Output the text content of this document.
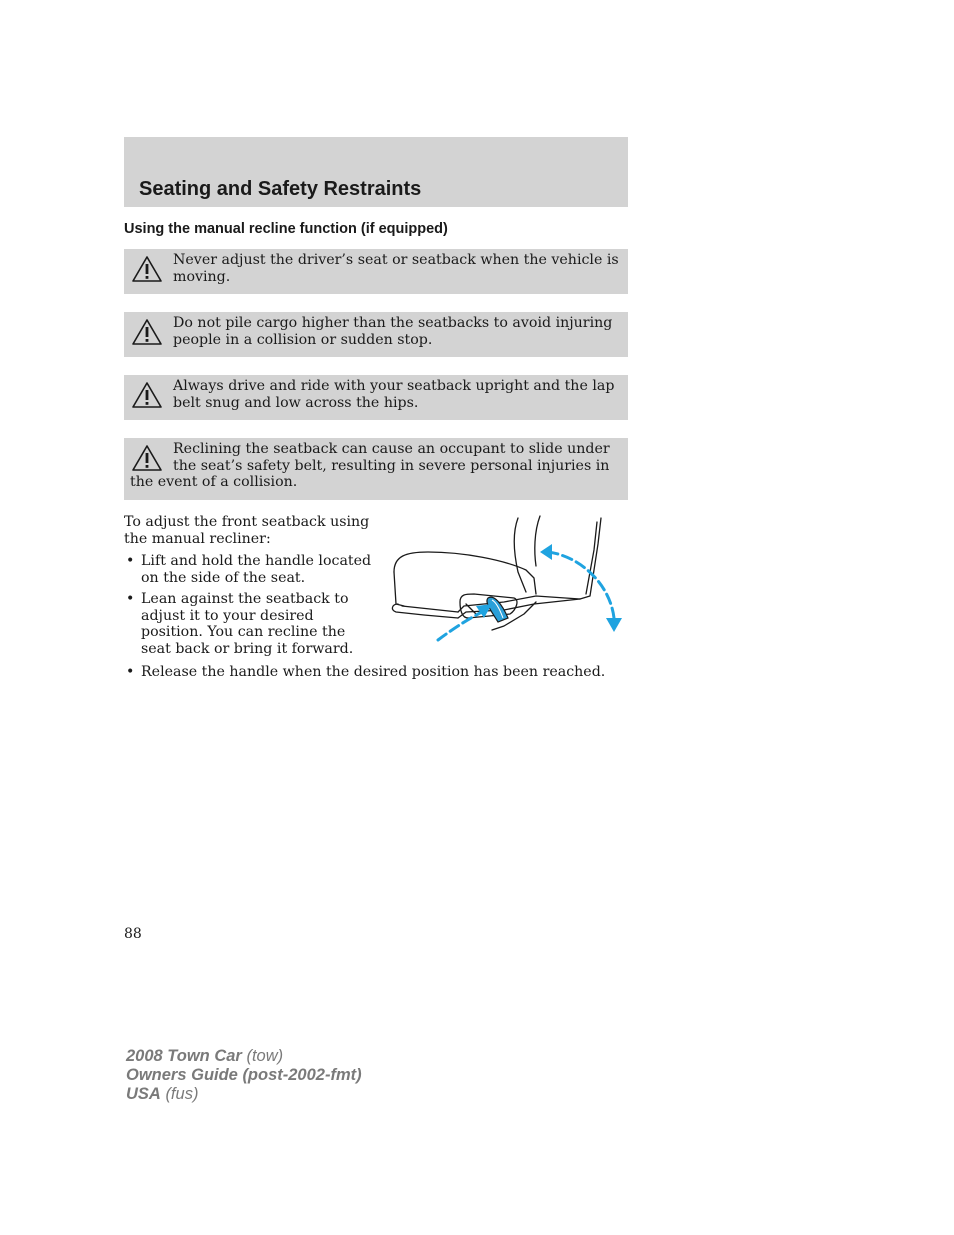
Seating and Safety Restraints
Using the manual recline function (if equipped)
Never adjust the driver’s seat or seatback when the vehicle is moving.
Do not pile cargo higher than the seatbacks to avoid injuring people in a collision or sudden stop.
Always drive and ride with your seatback upright and the lap belt snug and low across the hips.
Reclining the seatback can cause an occupant to slide under the seat’s safety belt, resulting in severe personal injuries in the event of a collision.
To adjust the front seatback using the manual recliner:
• Lift and hold the handle located on the side of the seat.
• Lean against the seatback to adjust it to your desired position. You can recline the seat back or bring it forward.
• Release the handle when the desired position has been reached.
88
2008 Town Car (tow)
Owners Guide (post-2002-fmt)
USA (fus)
